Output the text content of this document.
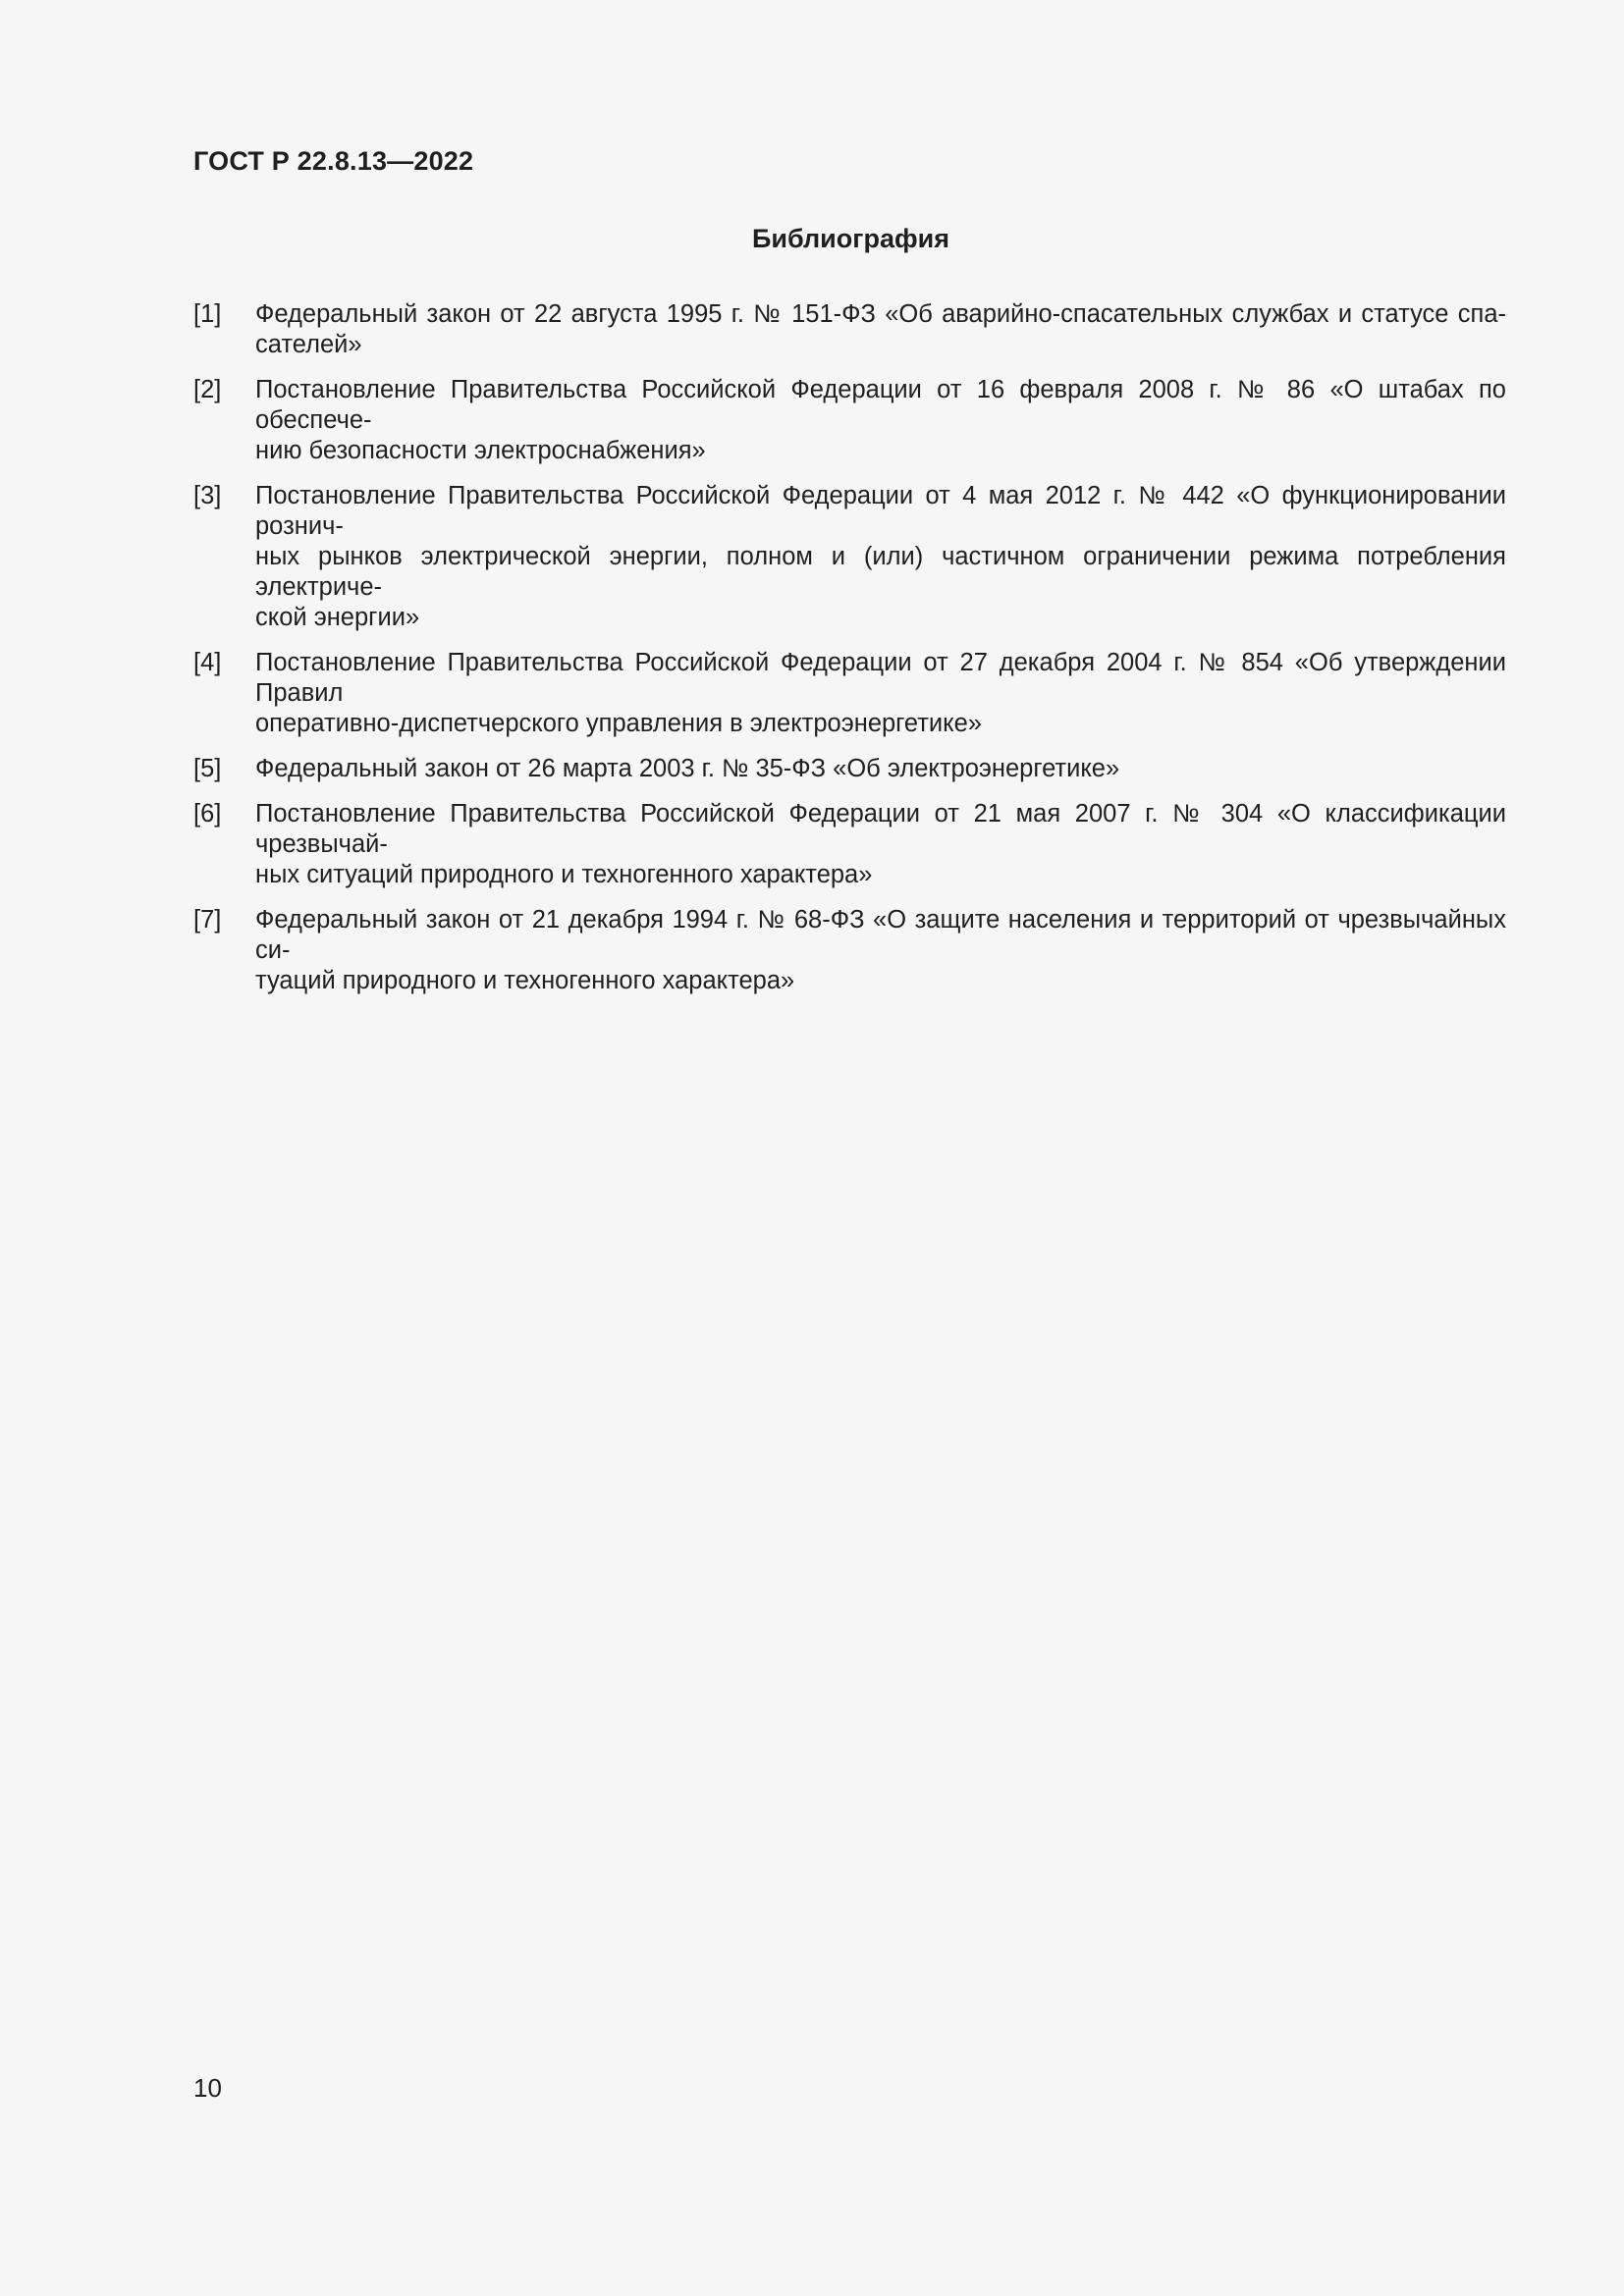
ГОСТ Р 22.8.13—2022
Библиография
[1]	Федеральный закон от 22 августа 1995 г. № 151-ФЗ «Об аварийно-спасательных службах и статусе спа-
сателей»
[2]	Постановление Правительства Российской Федерации от 16 февраля 2008 г. № 86 «О штабах по обеспече-
нию безопасности электроснабжения»
[3]	Постановление Правительства Российской Федерации от 4 мая 2012 г. № 442 «О функционировании рознич-
ных рынков электрической энергии, полном и (или) частичном ограничении режима потребления электриче-
ской энергии»
[4]	Постановление Правительства Российской Федерации от 27 декабря 2004 г. № 854 «Об утверждении Правил
оперативно-диспетчерского управления в электроэнергетике»
[5]	Федеральный закон от 26 марта 2003 г. № 35-ФЗ «Об электроэнергетике»
[6]	Постановление Правительства Российской Федерации от 21 мая 2007 г. № 304 «О классификации чрезвычай-
ных ситуаций природного и техногенного характера»
[7]	Федеральный закон от 21 декабря 1994 г. № 68-ФЗ «О защите населения и территорий от чрезвычайных си-
туаций природного и техногенного характера»
10
